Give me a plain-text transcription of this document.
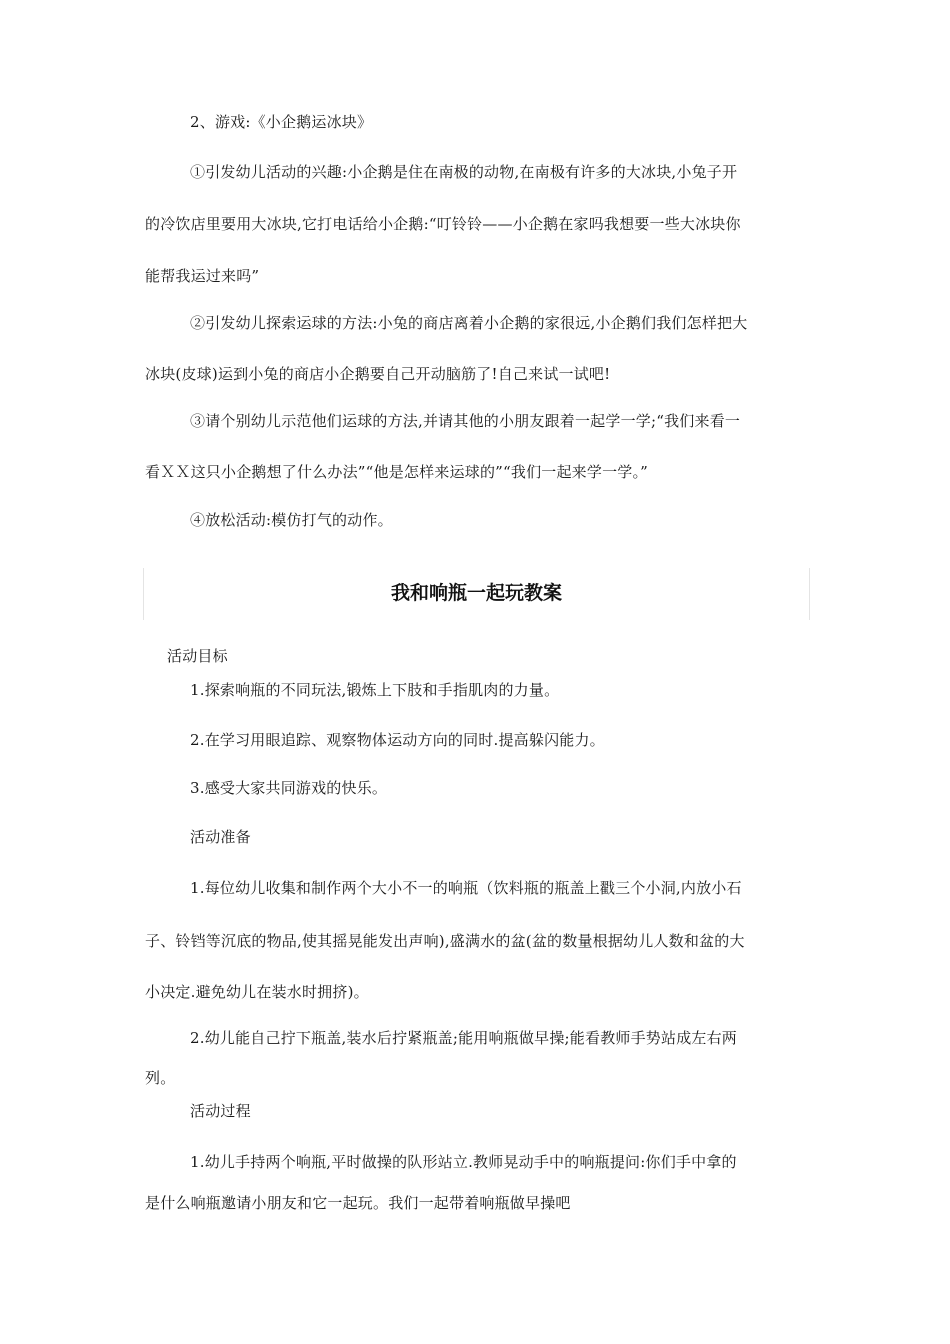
2、游戏:《小企鹅运冰块》
①引发幼儿活动的兴趣:小企鹅是住在南极的动物,在南极有许多的大冰块,小兔子开
的冷饮店里要用大冰块,它打电话给小企鹅:“叮铃铃——小企鹅在家吗我想要一些大冰块你
能帮我运过来吗”
②引发幼儿探索运球的方法:小兔的商店离着小企鹅的家很远,小企鹅们我们怎样把大
冰块(皮球)运到小兔的商店小企鹅要自己开动脑筋了!自己来试一试吧!
③请个别幼儿示范他们运球的方法,并请其他的小朋友跟着一起学一学;“我们来看一
看ＸＸ这只小企鹅想了什么办法”“他是怎样来运球的”“我们一起来学一学。”
④放松活动:模仿打气的动作。
我和响瓶一起玩教案
活动目标
1.探索响瓶的不同玩法,锻炼上下肢和手指肌肉的力量。
2.在学习用眼追踪、观察物体运动方向的同时.提高躲闪能力。
3.感受大家共同游戏的快乐。
活动准备
1.每位幼儿收集和制作两个大小不一的响瓶（饮料瓶的瓶盖上戳三个小洞,内放小石
子、铃铛等沉底的物品,使其摇晃能发出声响),盛满水的盆(盆的数量根据幼儿人数和盆的大
小决定.避免幼儿在装水时拥挤)。
2.幼儿能自己拧下瓶盖,装水后拧紧瓶盖;能用响瓶做早操;能看教师手势站成左右两
列。
活动过程
1.幼儿手持两个响瓶,平时做操的队形站立.教师晃动手中的响瓶提问:你们手中拿的
是什么响瓶邀请小朋友和它一起玩。我们一起带着响瓶做早操吧
